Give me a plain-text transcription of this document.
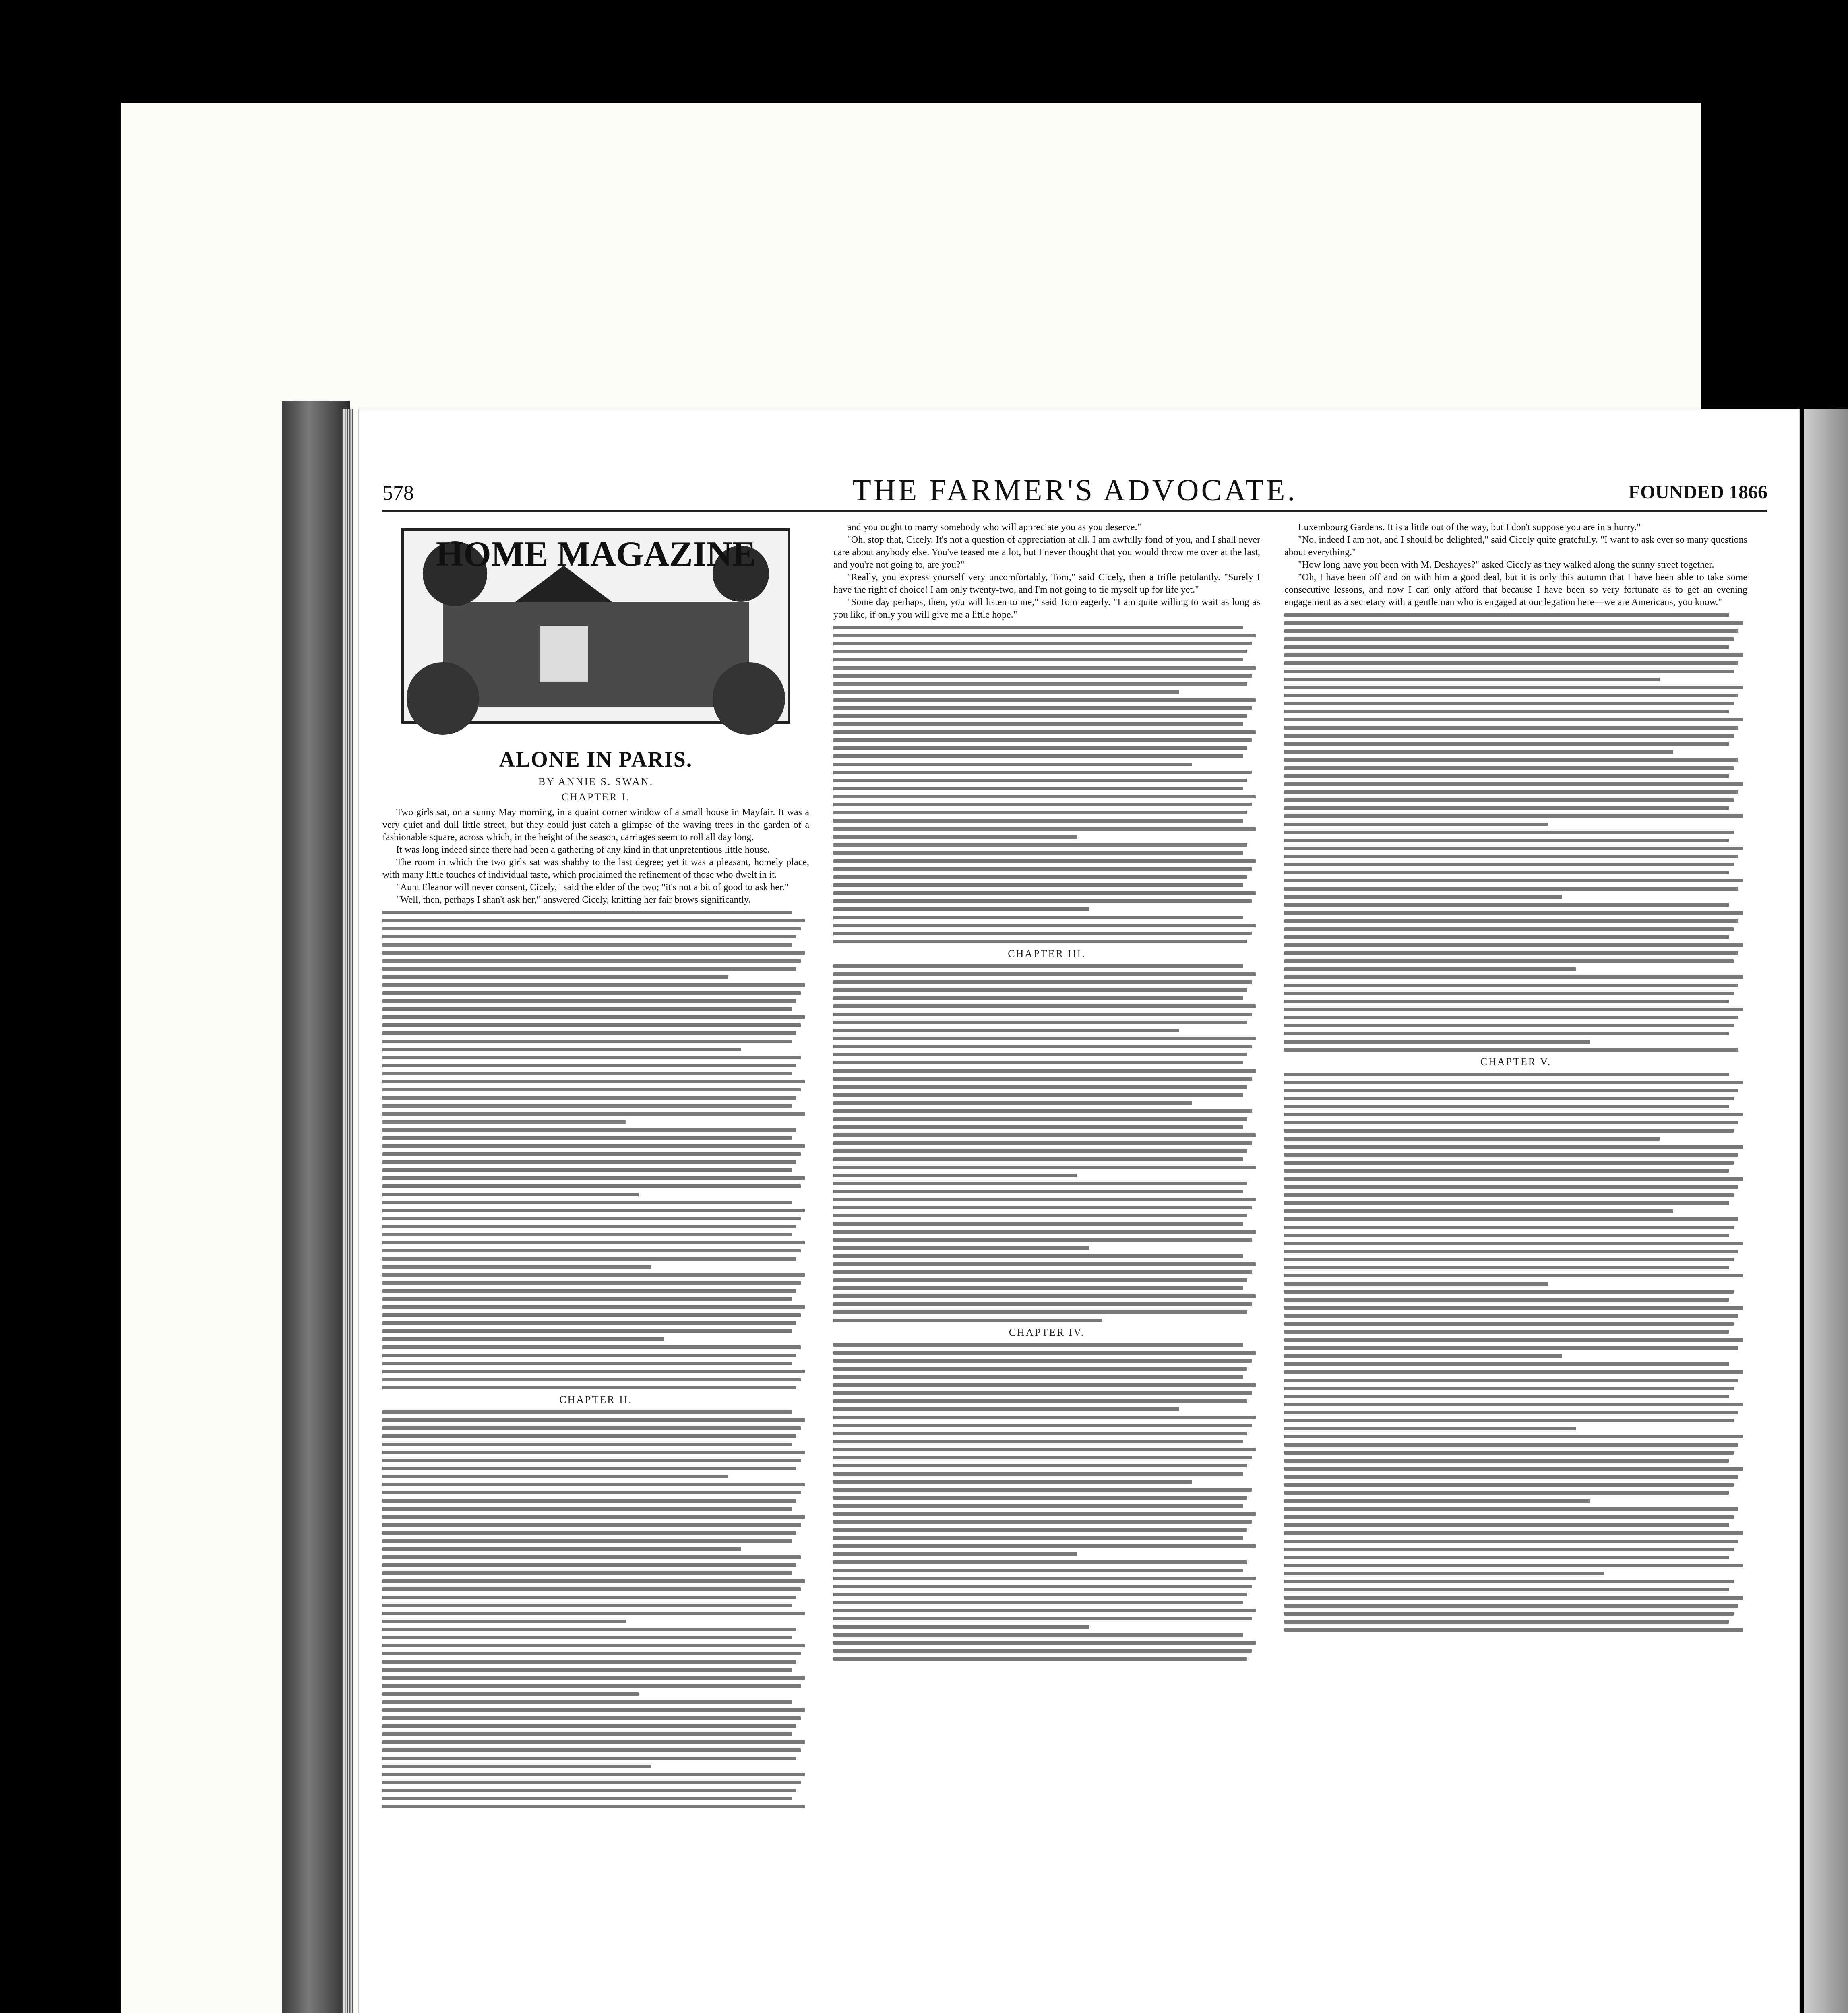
578	THE FARMER'S ADVOCATE.	FOUNDED 1866
HOME MAGAZINE
ALONE IN PARIS.
BY ANNIE S. SWAN.
CHAPTER I.

Two girls sat, on a sunny May morning, in a quaint corner window of a small house in Mayfair. It was a very quiet and dull little street, but they could just catch a glimpse of the waving trees in the garden of a fashionable square, across which, in the height of the season, carriages seem to roll all day long.

It was long indeed since there had been a gathering of any kind in that unpretentious little house.

The room in which the two girls sat was shabby to the last degree; yet it was a pleasant, homely place, with many little touches of individual taste, which proclaimed the refinement of those who dwelt in it.

"Aunt Eleanor will never consent, Cicely," said the elder of the two; "it's not a bit of good to ask her."

"Well, then, perhaps I shan't ask her," answered Cicely, knitting her fair brows significantly.

CHAPTER II.

and you ought to marry somebody who will appreciate you as you deserve."

"Oh, stop that, Cicely. It's not a question of appreciation at all. I am awfully fond of you, and I shall never care about anybody else. You've teased me a lot, but I never thought that you would throw me over at the last, and you're not going to, are you?"

"Really, you express yourself very uncomfortably, Tom," said Cicely, then a trifle petulantly. "Surely I have the right of choice! I am only twenty-two, and I'm not going to tie myself up for life yet."

"Some day perhaps, then, you will listen to me," said Tom eagerly. "I am quite willing to wait as long as you like, if only you will give me a little hope."

CHAPTER III.
CHAPTER IV.

Luxembourg Gardens. It is a little out of the way, but I don't suppose you are in a hurry."

"No, indeed I am not, and I should be delighted," said Cicely quite gratefully. "I want to ask ever so many questions about everything."

"How long have you been with M. Deshayes?" asked Cicely as they walked along the sunny street together.

"Oh, I have been off and on with him a good deal, but it is only this autumn that I have been able to take some consecutive lessons, and now I can only afford that because I have been so very fortunate as to get an evening engagement as a secretary with a gentleman who is engaged at our legation here—we are Americans, you know."

CHAPTER V.
